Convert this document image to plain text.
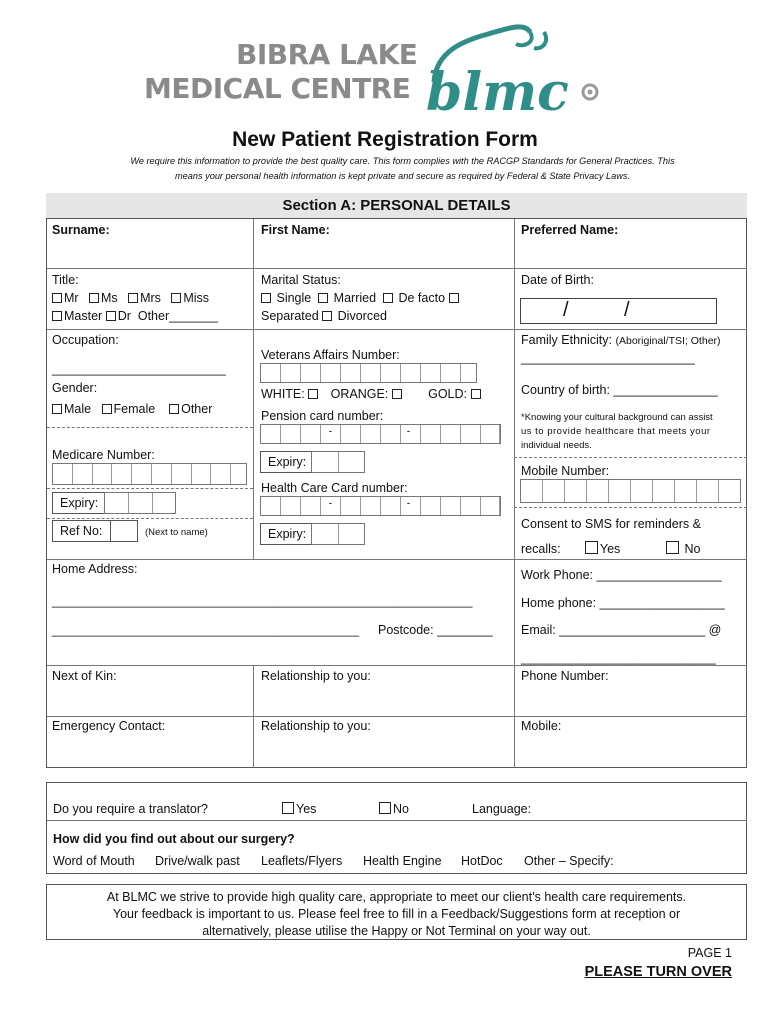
BIBRA LAKE
MEDICAL CENTRE blmc
New Patient Registration Form
We require this information to provide the best quality care. This form complies with the RACGP Standards for General Practices. This
means your personal health information is kept private and secure as required by Federal & State Privacy Laws.
Section A: PERSONAL DETAILS
Surname:	First Name:	Preferred Name:
Title:
Mr Ms Mrs Miss
Master Dr Other_______
Marital Status:
Single Married De facto
Separated Divorced
Date of Birth:
/	/
Occupation:
_________________________
Gender:
Male Female Other
Medicare Number:
Expiry:
Ref No:	(Next to name)
Veterans Affairs Number:
WHITE: ORANGE:	GOLD:
Pension card number:
-	-
Expiry:
Health Care Card number:
-	-
Expiry:
Family Ethnicity: (Aboriginal/TSI; Other)
_________________________
Country of birth: _______________
*Knowing your cultural background can assist
us to provide healthcare that meets your
individual needs.
Mobile Number:
Consent to SMS for reminders &
recalls:	Yes	No
Home Address:
_______________________________________________________________
______________________________________________ Postcode: ________
Work Phone: __________________
Home phone: __________________
Email: _____________________ @
____________________________
Next of Kin:	Relationship to you:	Phone Number:
Emergency Contact:	Relationship to you:	Mobile:
Do you require a translator?	Yes	No	Language:
How did you find out about our surgery?
Word of Mouth Drive/walk past Leaflets/Flyers Health Engine HotDoc Other – Specify:
At BLMC we strive to provide high quality care, appropriate to meet our client’s health care requirements.
Your feedback is important to us. Please feel free to fill in a Feedback/Suggestions form at reception or
alternatively, please utilise the Happy or Not Terminal on your way out.
PAGE 1
PLEASE TURN OVER
